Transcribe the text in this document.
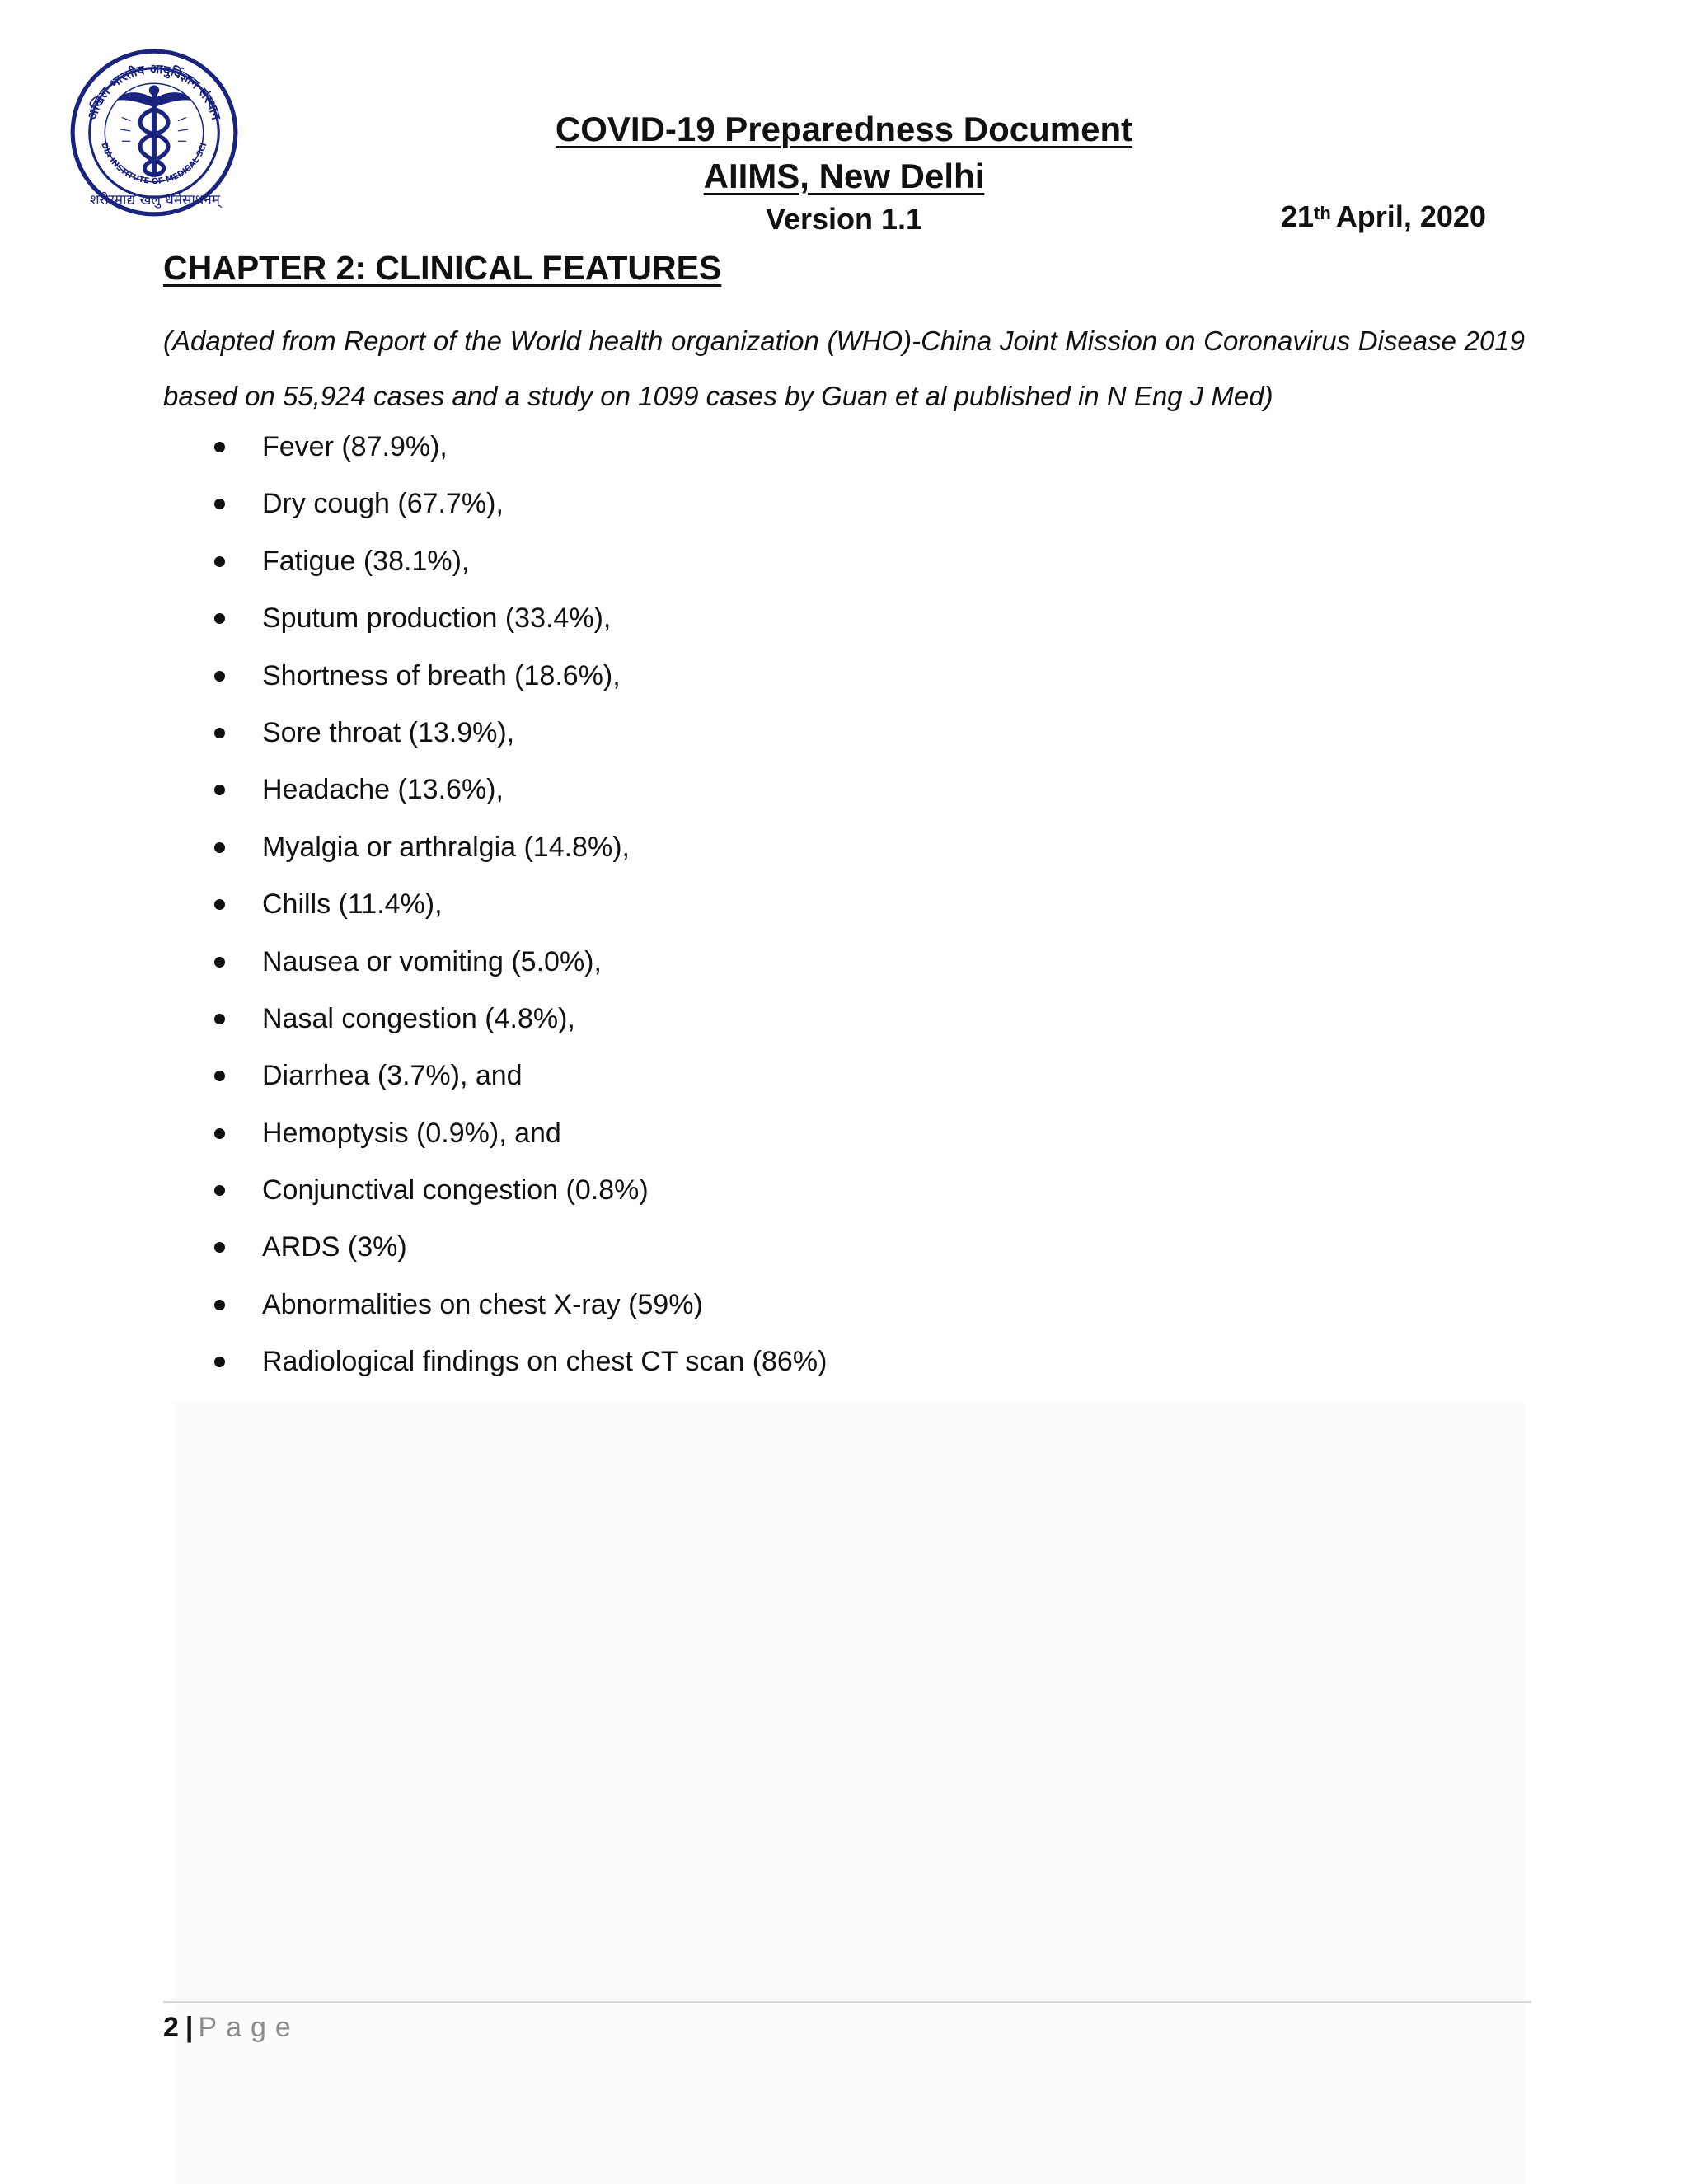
अखिल भारतीय आयुर्विज्ञान संस्थान
DIA INSTITUTE OF MEDICAL SCI
शरीरमाद्यं खलु धर्मसाधनम्
COVID-19 Preparedness Document
AIIMS, New Delhi
Version 1.1	21th April, 2020
CHAPTER 2: CLINICAL FEATURES
(Adapted from Report of the World health organization (WHO)-China Joint Mission on Coronavirus Disease 2019 based on 55,924 cases and a study on 1099 cases by Guan et al published in N Eng J Med)
Fever (87.9%),
Dry cough (67.7%),
Fatigue (38.1%),
Sputum production (33.4%),
Shortness of breath (18.6%),
Sore throat (13.9%),
Headache (13.6%),
Myalgia or arthralgia (14.8%),
Chills (11.4%),
Nausea or vomiting (5.0%),
Nasal congestion (4.8%),
Diarrhea (3.7%), and
Hemoptysis (0.9%), and
Conjunctival congestion (0.8%)
ARDS (3%)
Abnormalities on chest X-ray (59%)
Radiological findings on chest CT scan (86%)
2 | Page
